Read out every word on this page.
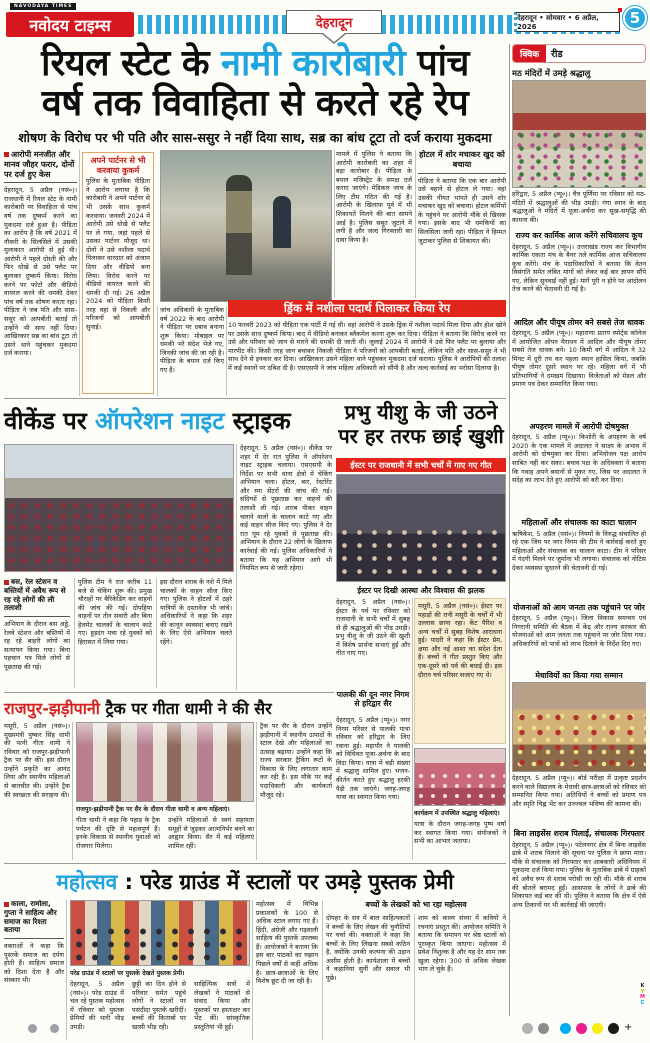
NAVODAYA TIMES
नवोदय टाइम्स	देहरादून	देहरादून • सोमवार • 6 अप्रैल, 2026	5
रियल स्टेट के नामी कारोबारी पांच
वर्ष तक विवाहिता से करते रहे रेप
शोषण के विरोध पर भी पति और सास-ससुर ने नहीं दिया साथ, सब्र का बांध टूटा तो दर्ज कराया मुकदमा
आरोपी मनजीत और मानव जौहर फरार, दोनों पर दर्ज हुए केस
देहरादून, 5 अप्रैल (नसं०)। राजधानी में रियल स्टेट के नामी कारोबारी पर विवाहिता से पांच वर्ष तक दुष्कर्म करने का मुकदमा दर्ज हुआ है। पीड़िता का आरोप है कि वर्ष 2021 में नौकरी के सिलसिले में उसकी मुलाकात आरोपी से हुई थी। आरोपी ने पहले दोस्ती की और फिर धोखे से उसे फ्लैट पर बुलाकर दुष्कर्म किया। विरोध करने पर फोटो और वीडियो वायरल करने की धमकी देकर पांच वर्ष तक शोषण करता रहा। पीड़िता ने जब पति और सास-ससुर को आपबीती बताई तो उन्होंने भी साथ नहीं दिया। आखिरकार सब्र का बांध टूटा तो उसने थाने पहुंचकर मुकदमा दर्ज कराया।
अपने पार्टनर से भी करवाया कुकर्म
पुलिस के मुताबिक पीड़िता ने आरोप लगाया है कि कारोबारी ने अपने पार्टनर से भी उसके साथ कुकर्म करवाया। जनवरी 2024 में आरोपी उसे धोखे से फ्लैट पर ले गया, जहां पहले से उसका पार्टनर मौजूद था। दोनों ने उसे नशीला पदार्थ पिलाकर वारदात को अंजाम दिया और वीडियो बना लिया। विरोध करने पर वीडियो वायरल करने की धमकी दी गई। 26 अप्रैल 2024 को पीड़िता किसी तरह वहां से निकली और परिजनों को आपबीती सुनाई।
जांच अधिकारी के मुताबिक वर्ष 2022 के बाद आरोपी ने पीड़िता पर दबाव बनाना शुरू किया। मोबाइल पर धमकी भरे संदेश भेजे गए, जिनकी जांच की जा रही है। पीड़िता के बयान दर्ज किए गए हैं।
मामले में पुलिस ने बताया कि आरोपी कारोबारी का शहर में बड़ा कारोबार है। पीड़िता के बयान मजिस्ट्रेट के समक्ष दर्ज कराए जाएंगे। मेडिकल जांच के लिए टीम गठित की गई है। आरोपी के खिलाफ पूर्व में भी शिकायतें मिलने की बात सामने आई है। पुलिस सबूत जुटाने में लगी है और जल्द गिरफ्तारी का दावा किया है।
होटल में शोर मचाकर खुद को बचाया
पीड़िता ने बताया कि एक बार आरोपी उसे बहाने से होटल ले गया। वहां उसकी नीयत भांपते ही उसने शोर मचाकर खुद को बचाया। होटल कर्मियों के पहुंचने पर आरोपी मौके से खिसक गया। इसके बाद भी धमकियों का सिलसिला जारी रहा। पीड़िता ने हिम्मत जुटाकर पुलिस से शिकायत की।
ड्रिंक में नशीला पदार्थ पिलाकर किया रेप
10 फरवरी 2023 को पीड़िता एक पार्टी में गई थी। वहां आरोपी ने उसके ड्रिंक में नशीला पदार्थ मिला दिया और होश खोने पर उसके साथ दुष्कर्म किया। बाद में वीडियो बनाकर ब्लैकमेल करना शुरू कर दिया। पीड़िता ने बताया कि विरोध करने पर उसे और परिवार को जान से मारने की धमकी दी जाती थी। जुलाई 2024 में आरोपी ने उसे फिर फ्लैट पर बुलाया और मारपीट की। किसी तरह जान बचाकर निकली पीड़िता ने परिजनों को आपबीती बताई, लेकिन पति और सास-ससुर ने भी साथ देने से इनकार कर दिया। आखिरकार उसने महिला थाने पहुंचकर मुकदमा दर्ज कराया। पुलिस ने आरोपियों की तलाश में कई स्थानों पर दबिश दी है। एसएसपी ने जांच महिला अधिकारी को सौंपी है और जल्द कार्रवाई का भरोसा दिलाया है।
वीकेंड पर ऑपरेशन नाइट स्ट्राइक
देहरादून, 5 अप्रैल (नसं०)। वीकेंड पर शहर में देर रात पुलिस ने ऑपरेशन नाइट स्ट्राइक चलाया। एसएसपी के निर्देश पर सभी थाना क्षेत्रों में चेकिंग अभियान चला। होटल, बार, रेस्टोरेंट और स्पा सेंटरों की जांच की गई। संदिग्धों से पूछताछ कर वाहनों की तलाशी ली गई। शराब पीकर वाहन चलाने वालों के चालान काटे गए और कई वाहन सीज किए गए। पुलिस ने देर रात घूम रहे युवकों से पूछताछ की। अभियान के दौरान 22 लोगों के खिलाफ कार्रवाई की गई। पुलिस अधिकारियों ने बताया कि यह अभियान आगे भी नियमित रूप से जारी रहेगा।
बस, रेल स्टेशन व बस्तियों में अवैध रूप से रह रहे लोगों की ली तलाशी
अभियान के दौरान बस अड्डे, रेलवे स्टेशन और बस्तियों में रह रहे बाहरी लोगों का सत्यापन किया गया। बिना पहचान पत्र मिले लोगों से पूछताछ की गई।
पुलिस टीम ने रात करीब 11 बजे से चेकिंग शुरू की। प्रमुख चौराहों पर बैरिकेडिंग कर वाहनों की जांच की गई। दोपहिया वाहनों पर तीन सवारी और बिना हेलमेट चालकों के चालान काटे गए। हुड़दंग मचा रहे युवकों को हिरासत में लिया गया।
इस दौरान शराब के नशे में मिले चालकों के वाहन सीज किए गए। पुलिस ने होटलों में ठहरे यात्रियों के दस्तावेज भी जांचे। अधिकारियों ने कहा कि शहर की कानून व्यवस्था बनाए रखने के लिए ऐसे अभियान चलते रहेंगे।
राजपुर-झड़ीपानी ट्रैक पर गीता धामी ने की सैर
मसूरी, 5 अप्रैल (नसं०)। मुख्यमंत्री पुष्कर सिंह धामी की पत्नी गीता धामी ने रविवार को राजपुर-झड़ीपानी ट्रैक पर सैर की। इस दौरान उन्होंने प्रकृति का आनंद लिया और स्थानीय महिलाओं से बातचीत की। उन्होंने ट्रैक की स्वच्छता की सराहना की।
राजपुर-झड़ीपानी ट्रैक पर सैर के दौरान गीता धामी व अन्य महिलाएं।
गीता धामी ने कहा कि पहाड़ के ट्रैक पर्यटन की दृष्टि से महत्वपूर्ण हैं। इनके विकास से स्थानीय युवाओं को रोजगार मिलेगा।
उन्होंने महिलाओं से स्वयं सहायता समूहों से जुड़कर आत्मनिर्भर बनने का आह्वान किया। सैर में कई महिलाएं शामिल रहीं।
ट्रैक पर सैर के दौरान उन्होंने झड़ीपानी में स्थानीय उत्पादों के स्टाल देखे और महिलाओं का उत्साह बढ़ाया। उन्होंने कहा कि राज्य सरकार ट्रैकिंग रूटों के विकास के लिए लगातार काम कर रही है। इस मौके पर कई पदाधिकारी और कार्यकर्ता मौजूद रहे।
प्रभु यीशु के जी उठने
पर हर तरफ छाई खुशी
ईस्टर पर राजधानी में सभी चर्चों में गाए गए गीत
ईस्टर पर दिखी आस्था और विश्वास की झलक
देहरादून, 5 अप्रैल (नसं०)। ईस्टर के पर्व पर रविवार को राजधानी के सभी चर्चों में सुबह से ही श्रद्धालुओं की भीड़ उमड़ी। प्रभु यीशु के जी उठने की खुशी में विशेष प्रार्थना सभाएं हुईं और गीत गाए गए।
मसूरी, 5 अप्रैल (नसं०)। ईस्टर पर पहाड़ों की रानी मसूरी के चर्चों में भी उल्लास छाया रहा। केंट पैरिश व अन्य चर्चों में सुबह विशेष आराधना हुई। पादरी ने कहा कि ईस्टर प्रेम, क्षमा और नई आशा का संदेश देता है। बच्चों ने गीत प्रस्तुत किए और एक-दूसरे को पर्व की बधाई दी। इस दौरान चर्च परिसर सजाए गए थे।
पालकी की दून नगर निगम से हरिद्वार सैर
देहरादून, 5 अप्रैल (प्यू०)। नगर निगम परिसर से पालकी यात्रा रविवार को हरिद्वार के लिए रवाना हुई। महापौर ने पालकी को विधिवत पूजा-अर्चना के बाद विदा किया। यात्रा में बड़ी संख्या में श्रद्धालु शामिल हुए। भजन-कीर्तन करते हुए श्रद्धालु हरकी पैड़ी तक जाएंगे। जगह-जगह यात्रा का स्वागत किया गया।
कार्यक्रम में उपस्थित श्रद्धालु महिलाएं।
यात्रा के दौरान जगह-जगह पुष्प वर्षा कर स्वागत किया गया। संयोजकों ने सभी का आभार जताया।
महोत्सव : परेड ग्राउंड में स्टालों पर उमड़े पुस्तक प्रेमी
काला, रामोला, गुप्ता ने साहित्य और समाज का रिश्ता बताया
वक्ताओं ने कहा कि पुस्तकें समाज का दर्पण होती हैं। साहित्य समाज को दिशा देता है और संस्कार भी।
परेड ग्राउंड में स्टालों पर पुस्तकें देखते पुस्तक प्रेमी।
देहरादून, 5 अप्रैल (नसं०)। परेड ग्राउंड में चल रहे पुस्तक महोत्सव में रविवार को पुस्तक प्रेमियों की भारी भीड़ उमड़ी।
छुट्टी का दिन होने से परिवार समेत पहुंचे लोगों ने स्टालों पर पसंदीदा पुस्तकें खरीदीं। बच्चों की किताबों पर खासी भीड़ रही।
साहित्यिक सत्रों में लेखकों ने पाठकों से संवाद किया और पुस्तकों पर हस्ताक्षर कर भेंट कीं। सांस्कृतिक प्रस्तुतियां भी हुईं।
महोत्सव में विभिन्न प्रकाशकों के 100 से अधिक स्टाल लगाए गए हैं। हिंदी, अंग्रेजी और गढ़वाली साहित्य की पुस्तकें उपलब्ध हैं। आयोजकों ने बताया कि इस बार पाठकों का रुझान पिछले वर्षों से कहीं अधिक है। छात्र-छात्राओं के लिए विशेष छूट दी जा रही है।
बच्चों के लेखकों को भा रहा महोत्सव
दोपहर के सत्र में बाल साहित्यकारों ने बच्चों के लिए लेखन की चुनौतियों पर चर्चा की। वक्ताओं ने कहा कि बच्चों के लिए लिखना सबसे कठिन है, क्योंकि उनकी कल्पना की उड़ान असीम होती है। कार्यशाला में बच्चों ने कहानियां सुनीं और सवाल भी पूछे।
शाम को काव्य संध्या में कवियों ने रचनाएं प्रस्तुत कीं। आयोजन समिति ने बताया कि समापन पर श्रेष्ठ स्टालों को पुरस्कृत किया जाएगा। महोत्सव में प्रवेश निशुल्क है और यह देर शाम तक खुला रहेगा। 300 से अधिक लेखक भाग ले चुके हैं।
क्विक	रीड
मठ मंदिरों में उमड़े श्रद्धालु
हरिद्वार, 5 अप्रैल (प्यू०)। चैत्र पूर्णिमा पर रविवार को मठ-मंदिरों में श्रद्धालुओं की भीड़ उमड़ी। गंगा स्नान के बाद श्रद्धालुओं ने मंदिरों में पूजा-अर्चना कर सुख-समृद्धि की कामना की।
राज्य कर कार्मिक आज करेंगे सचिवालय कूच
देहरादून, 5 अप्रैल (प्यू०)। उत्तराखंड राज्य कर विभागीय कार्मिक एकता मंच के बैनर तले कार्मिक आज सचिवालय कूच करेंगे। मंच के पदाधिकारियों ने बताया कि वेतन विसंगति समेत लंबित मांगों को लेकर कई बार ज्ञापन सौंपे गए, लेकिन सुनवाई नहीं हुई। मांगें पूरी न होने पर आंदोलन तेज करने की चेतावनी दी गई है।
आदिल और पीयूष तोमर बने सबसे तेज धावक
देहरादून, 5 अप्रैल (प्यू०)। महाराणा प्रताप स्पोर्ट्स कॉलेज में आयोजित ओपन मैराथन में आदिल और पीयूष तोमर सबसे तेज धावक बने। 10 किमी वर्ग में आदिल ने 32 मिनट में दूरी तय कर पहला स्थान हासिल किया, जबकि पीयूष तोमर दूसरे स्थान पर रहे। महिला वर्ग में भी प्रतिभागियों ने दमखम दिखाया। विजेताओं को मेडल और प्रमाण पत्र देकर सम्मानित किया गया।
अपहरण मामले में आरोपी दोषमुक्त
देहरादून, 5 अप्रैल (प्यू०)। किशोरी के अपहरण के वर्ष 2020 के एक मामले में अदालत ने साक्ष्य के अभाव में आरोपी को दोषमुक्त कर दिया। अभियोजन पक्ष आरोप साबित नहीं कर सका। बचाव पक्ष के अधिवक्ता ने बताया कि गवाह अपने बयानों से मुकर गए, जिस पर अदालत ने संदेह का लाभ देते हुए आरोपी को बरी कर दिया।
महिलाओं और संचालक का काटा चालान
ऋषिकेश, 5 अप्रैल (पसं०)। नियमों के विरुद्ध संचालित हो रहे एक जिम पर नगर निगम की टीम ने कार्रवाई करते हुए महिलाओं और संचालक का चालान काटा। टीम ने परिसर में गंदगी मिलने पर जुर्माना भी लगाया। संचालक को नोटिस देकर व्यवस्था सुधारने की चेतावनी दी गई।
योजनाओं को आम जनता तक पहुंचाने पर जोर
देहरादून, 5 अप्रैल (प्यू०)। जिला विकास समन्वय एवं निगरानी समिति की बैठक में केंद्र और राज्य सरकार की योजनाओं को आम जनता तक पहुंचाने पर जोर दिया गया। अधिकारियों को पात्रों को लाभ दिलाने के निर्देश दिए गए।
मेधावियों का किया गया सम्मान
देहरादून, 5 अप्रैल (प्यू०)। बोर्ड परीक्षा में उत्कृष्ट प्रदर्शन करने वाले विद्यालय के मेधावी छात्र-छात्राओं को रविवार को सम्मानित किया गया। अतिथियों ने बच्चों को प्रमाण पत्र और स्मृति चिह्न भेंट कर उज्ज्वल भविष्य की कामना की।
बिना लाइसेंस शराब पिलाई, संचालक गिरफ्तार
देहरादून, 5 अप्रैल (प्यू०)। पटेलनगर क्षेत्र में बिना लाइसेंस ढाबे में शराब पिलाने की सूचना पर पुलिस ने छापा मारा। मौके से संचालक को गिरफ्तार कर आबकारी अधिनियम में मुकदमा दर्ज किया गया। पुलिस के मुताबिक ढाबे में ग्राहकों को अवैध रूप से शराब परोसी जा रही थी। मौके से शराब की बोतलें बरामद हुईं। आसपास के लोगों ने ढाबे की शिकायत कई बार की थी। पुलिस ने बताया कि क्षेत्र में ऐसे अन्य ठिकानों पर भी कार्रवाई की जाएगी।
+
K
Y
M
C
